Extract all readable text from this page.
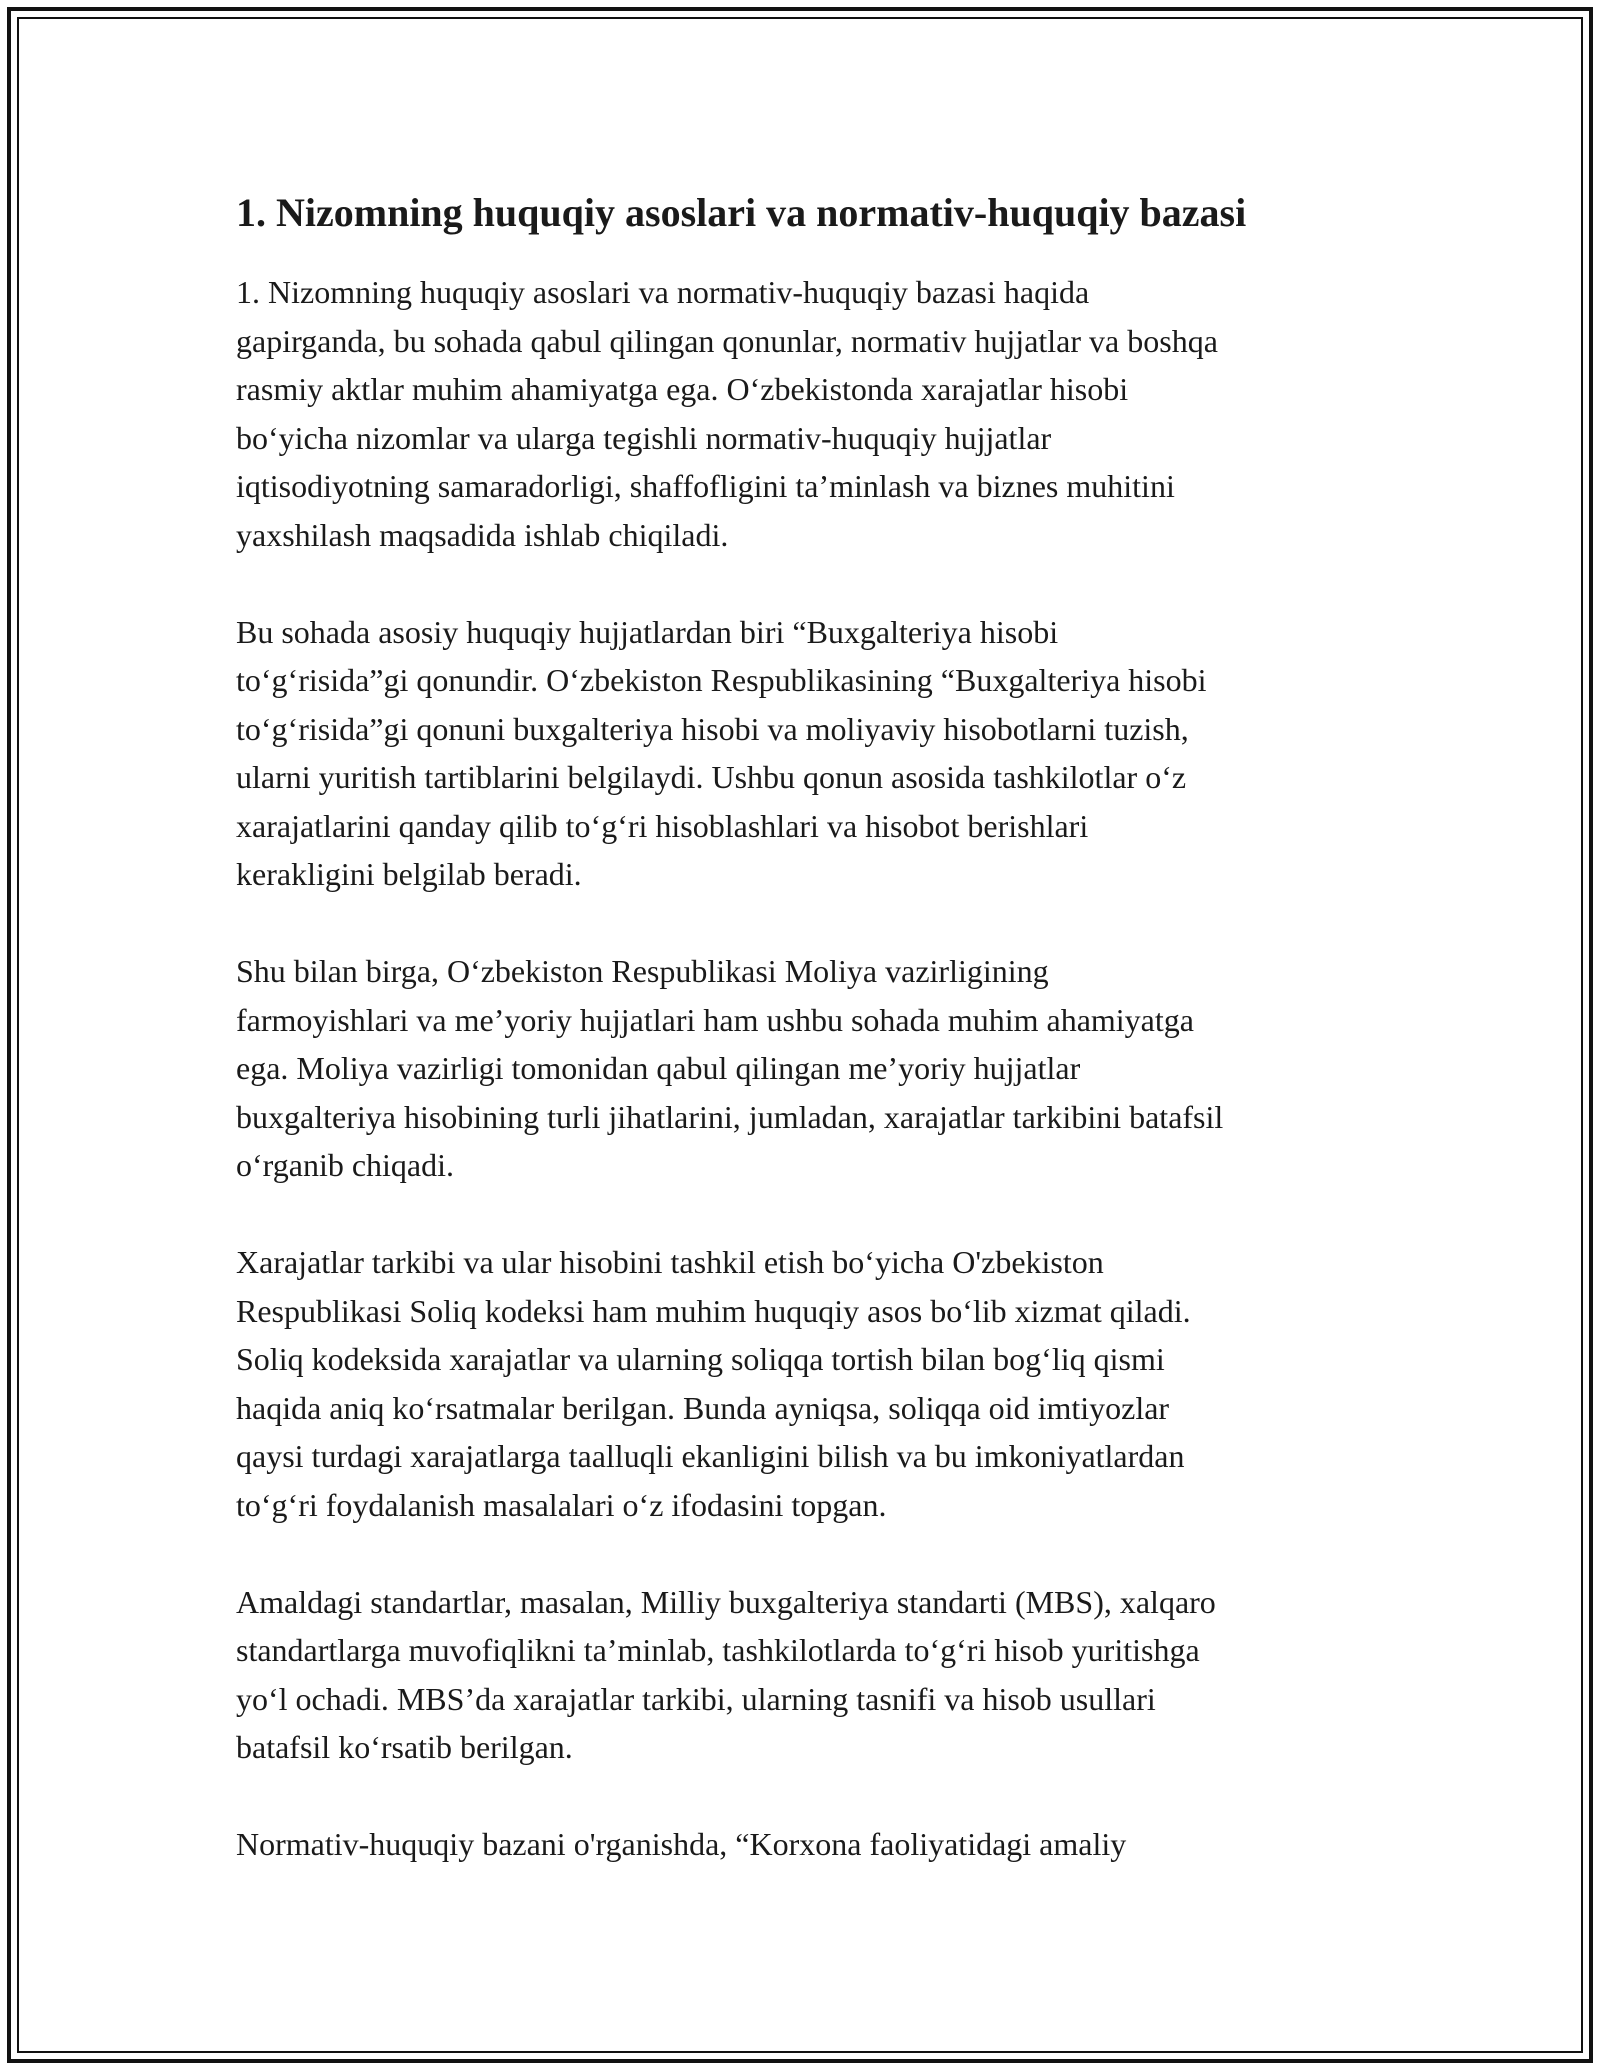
1. Nizomning huquqiy asoslari va normativ-huquqiy bazasi

1. Nizomning huquqiy asoslari va normativ-huquqiy bazasi haqida
gapirganda, bu sohada qabul qilingan qonunlar, normativ hujjatlar va boshqa
rasmiy aktlar muhim ahamiyatga ega. O‘zbekistonda xarajatlar hisobi
bo‘yicha nizomlar va ularga tegishli normativ-huquqiy hujjatlar
iqtisodiyotning samaradorligi, shaffofligini ta’minlash va biznes muhitini
yaxshilash maqsadida ishlab chiqiladi.

Bu sohada asosiy huquqiy hujjatlardan biri “Buxgalteriya hisobi
to‘g‘risida”gi qonundir. O‘zbekiston Respublikasining “Buxgalteriya hisobi
to‘g‘risida”gi qonuni buxgalteriya hisobi va moliyaviy hisobotlarni tuzish,
ularni yuritish tartiblarini belgilaydi. Ushbu qonun asosida tashkilotlar o‘z
xarajatlarini qanday qilib to‘g‘ri hisoblashlari va hisobot berishlari
kerakligini belgilab beradi.

Shu bilan birga, O‘zbekiston Respublikasi Moliya vazirligining
farmoyishlari va me’yoriy hujjatlari ham ushbu sohada muhim ahamiyatga
ega. Moliya vazirligi tomonidan qabul qilingan me’yoriy hujjatlar
buxgalteriya hisobining turli jihatlarini, jumladan, xarajatlar tarkibini batafsil
o‘rganib chiqadi.

Xarajatlar tarkibi va ular hisobini tashkil etish bo‘yicha O'zbekiston
Respublikasi Soliq kodeksi ham muhim huquqiy asos bo‘lib xizmat qiladi.
Soliq kodeksida xarajatlar va ularning soliqqa tortish bilan bog‘liq qismi
haqida aniq ko‘rsatmalar berilgan. Bunda ayniqsa, soliqqa oid imtiyozlar
qaysi turdagi xarajatlarga taalluqli ekanligini bilish va bu imkoniyatlardan
to‘g‘ri foydalanish masalalari o‘z ifodasini topgan.

Amaldagi standartlar, masalan, Milliy buxgalteriya standarti (MBS), xalqaro
standartlarga muvofiqlikni ta’minlab, tashkilotlarda to‘g‘ri hisob yuritishga
yo‘l ochadi. MBS’da xarajatlar tarkibi, ularning tasnifi va hisob usullari
batafsil ko‘rsatib berilgan.

Normativ-huquqiy bazani o'rganishda, “Korxona faoliyatidagi amaliy
